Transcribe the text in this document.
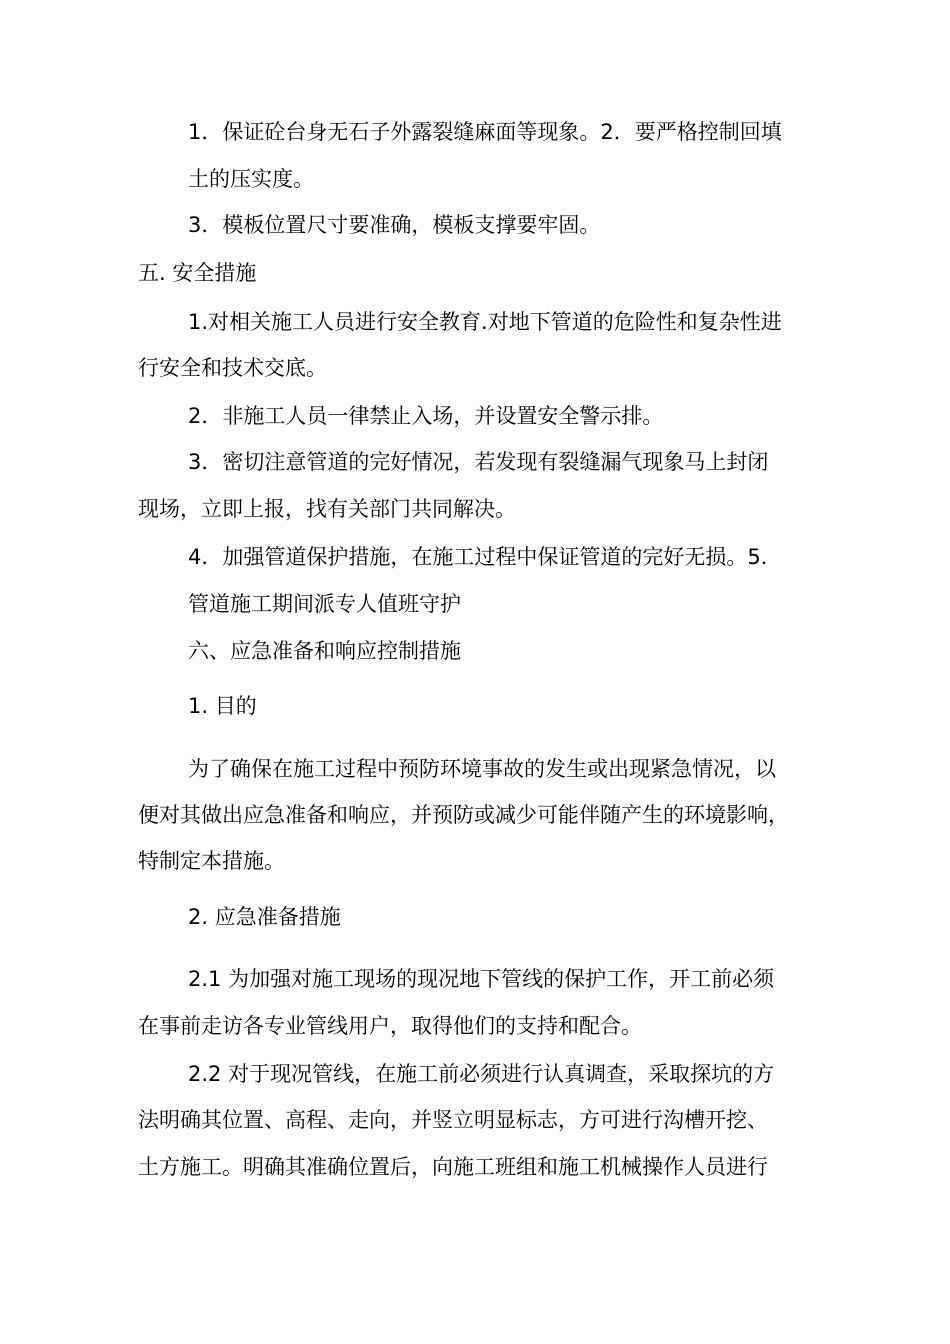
1．保证砼台身无石子外露裂缝麻面等现象。2．要严格控制回填

土的压实度。

3．模板位置尺寸要准确，模板支撑要牢固。

五. 安全措施

1.对相关施工人员进行安全教育.对地下管道的危险性和复杂性进

行安全和技术交底。

2．非施工人员一律禁止入场，并设置安全警示排。

3．密切注意管道的完好情况，若发现有裂缝漏气现象马上封闭

现场，立即上报，找有关部门共同解决。

4．加强管道保护措施，在施工过程中保证管道的完好无损。5．

管道施工期间派专人值班守护

六、应急准备和响应控制措施

1. 目的

为了确保在施工过程中预防环境事故的发生或出现紧急情况，以

便对其做出应急准备和响应，并预防或减少可能伴随产生的环境影响，

特制定本措施。

2. 应急准备措施

2.1 为加强对施工现场的现况地下管线的保护工作，开工前必须

在事前走访各专业管线用户，取得他们的支持和配合。

2.2 对于现况管线，在施工前必须进行认真调查，采取探坑的方

法明确其位置、高程、走向，并竖立明显标志，方可进行沟槽开挖、

土方施工。明确其准确位置后，向施工班组和施工机械操作人员进行
